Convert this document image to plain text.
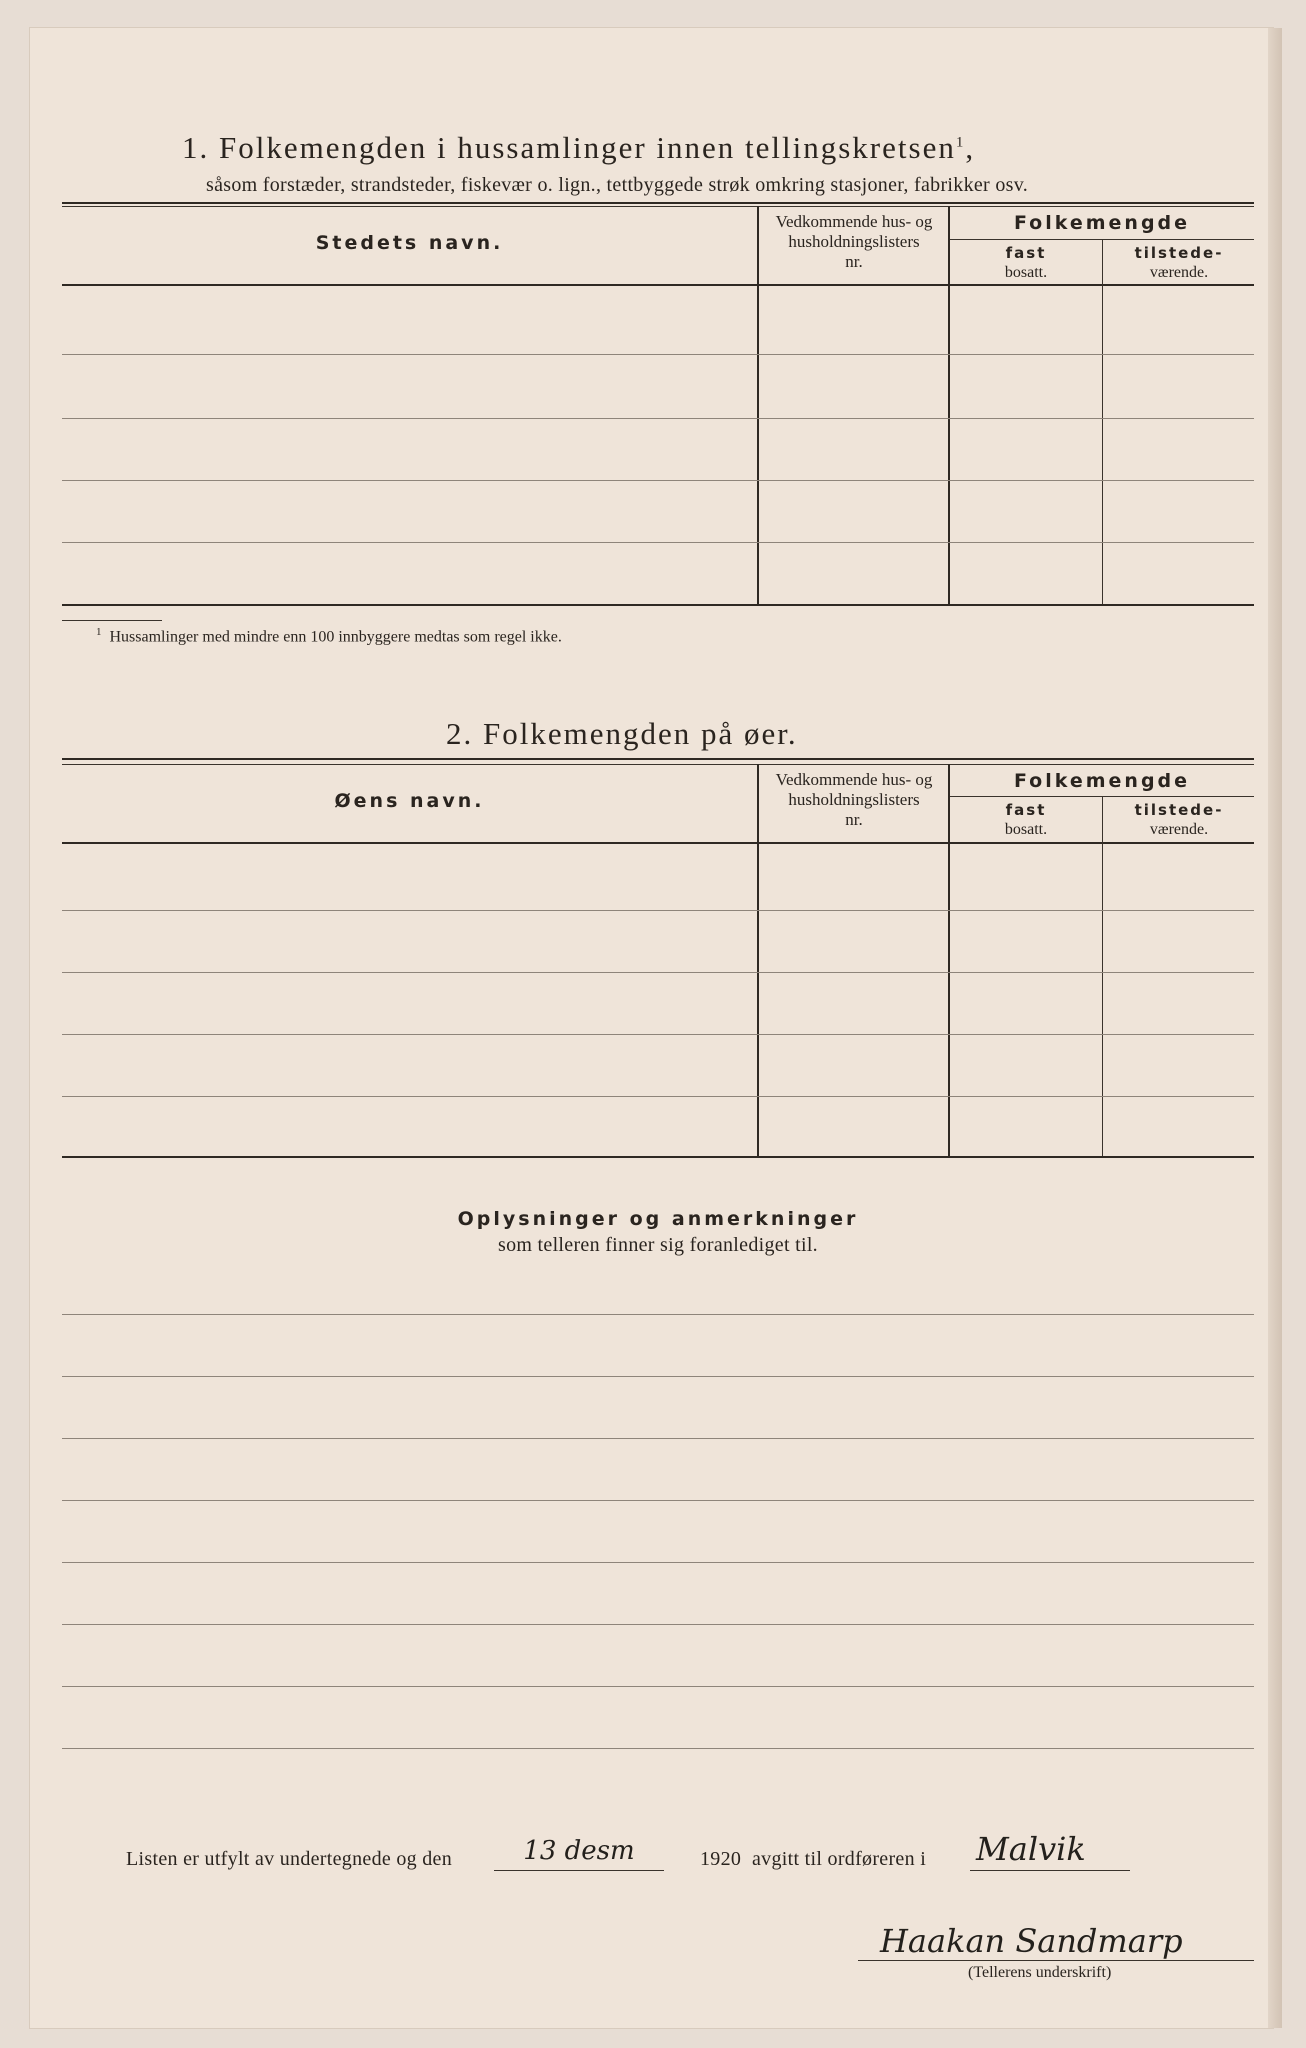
1. Folkemengden i hussamlinger innen tellingskretsen$^1$,
såsom forstæder, strandsteder, fiskevær o. lign., tettbyggede strøk omkring stasjoner, fabrikker osv.
Stedets navn.
Vedkommende hus- og
husholdningslisters
nr.
Folkemengde
fast
bosatt.
tilstede-
værende.
$^1$ Hussamlinger med mindre enn 100 innbyggere medtas som regel ikke.
2. Folkemengden på øer.
Øens navn.
Vedkommende hus- og
husholdningslisters
nr.
Folkemengde
fast
bosatt.
tilstede-
værende.
Oplysninger og anmerkninger
som telleren finner sig foranlediget til.
Listen er utfylt av undertegnede og den	13 desm	1920 avgitt til ordføreren i Malvik
Haakan Sandmarp
(Tellerens underskrift)
